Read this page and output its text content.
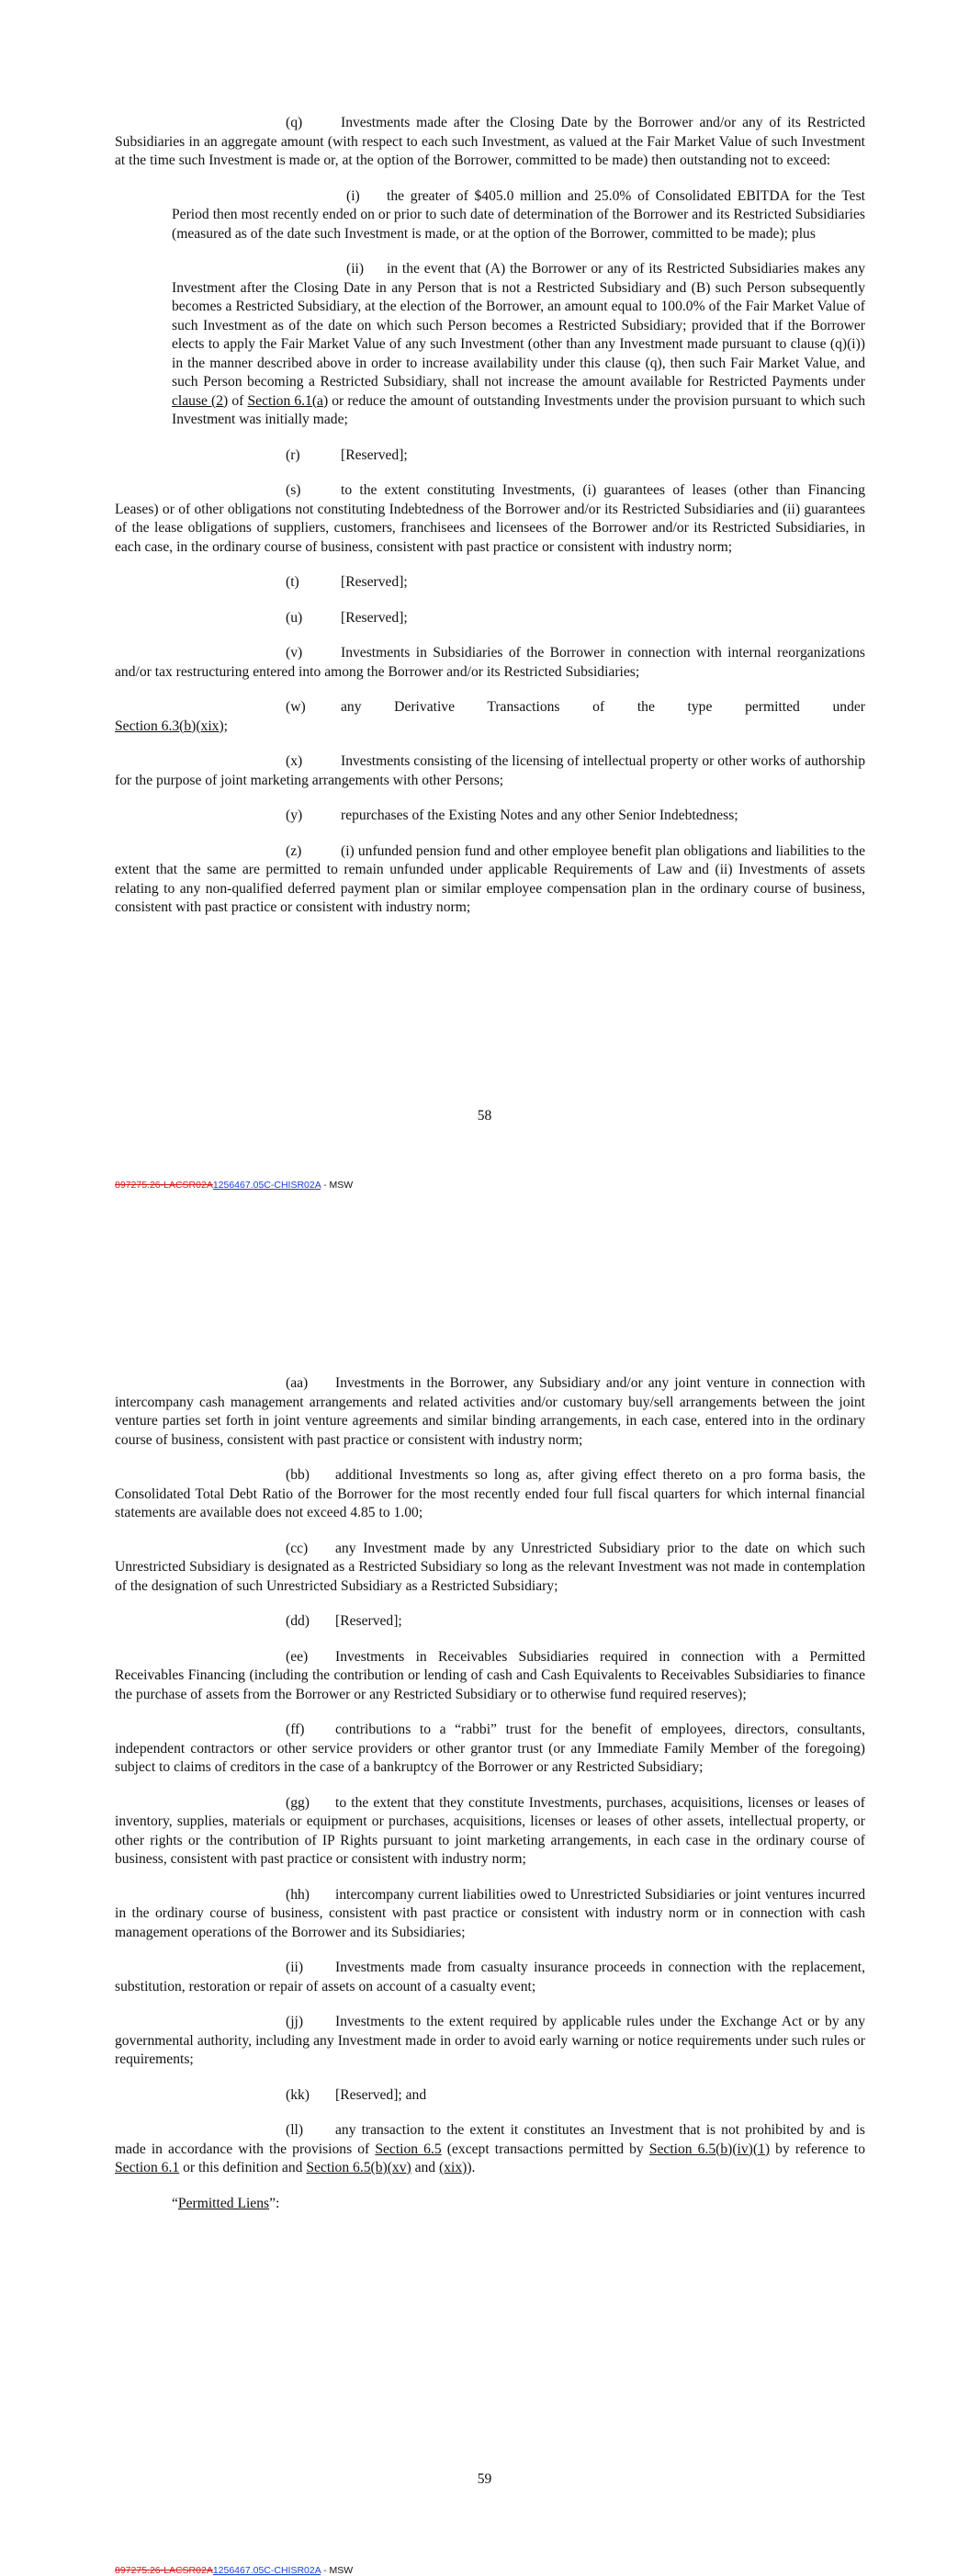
(q)	Investments made after the Closing Date by the Borrower and/or any of its Restricted Subsidiaries in an aggregate amount (with respect to each such Investment, as valued at the Fair Market Value of such Investment at the time such Investment is made or, at the option of the Borrower, committed to be made) then outstanding not to exceed:

(i) the greater of $405.0 million and 25.0% of Consolidated EBITDA for the Test Period then most recently ended on or prior to such date of determination of the Borrower and its Restricted Subsidiaries (measured as of the date such Investment is made, or at the option of the Borrower, committed to be made); plus

(ii) in the event that (A) the Borrower or any of its Restricted Subsidiaries makes any Investment after the Closing Date in any Person that is not a Restricted Subsidiary and (B) such Person subsequently becomes a Restricted Subsidiary, at the election of the Borrower, an amount equal to 100.0% of the Fair Market Value of such Investment as of the date on which such Person becomes a Restricted Subsidiary; provided that if the Borrower elects to apply the Fair Market Value of any such Investment (other than any Investment made pursuant to clause (q)(i)) in the manner described above in order to increase availability under this clause (q), then such Fair Market Value, and such Person becoming a Restricted Subsidiary, shall not increase the amount available for Restricted Payments under clause (2) of Section 6.1(a) or reduce the amount of outstanding Investments under the provision pursuant to which such Investment was initially made;

(r)	[Reserved];

(s)	to the extent constituting Investments, (i) guarantees of leases (other than Financing Leases) or of other obligations not constituting Indebtedness of the Borrower and/or its Restricted Subsidiaries and (ii) guarantees of the lease obligations of suppliers, customers, franchisees and licensees of the Borrower and/or its Restricted Subsidiaries, in each case, in the ordinary course of business, consistent with past practice or consistent with industry norm;

(t)	[Reserved];

(u)	[Reserved];

(v)	Investments in Subsidiaries of the Borrower in connection with internal reorganizations and/or tax restructuring entered into among the Borrower and/or its Restricted Subsidiaries;

(w) any Derivative Transactions of the type permitted under

Section 6.3(b)(xix);

(x)	Investments consisting of the licensing of intellectual property or other works of authorship for the purpose of joint marketing arrangements with other Persons;

(y)	repurchases of the Existing Notes and any other Senior Indebtedness;

(z)	(i) unfunded pension fund and other employee benefit plan obligations and liabilities to the extent that the same are permitted to remain unfunded under applicable Requirements of Law and (ii) Investments of assets relating to any non-qualified deferred payment plan or similar employee compensation plan in the ordinary course of business, consistent with past practice or consistent with industry norm;

58
897275.26-LACSR02A1256467.05C-CHISR02A - MSW

(aa) Investments in the Borrower, any Subsidiary and/or any joint venture in connection with intercompany cash management arrangements and related activities and/or customary buy/sell arrangements between the joint venture parties set forth in joint venture agreements and similar binding arrangements, in each case, entered into in the ordinary course of business, consistent with past practice or consistent with industry norm;

(bb) additional Investments so long as, after giving effect thereto on a pro forma basis, the Consolidated Total Debt Ratio of the Borrower for the most recently ended four full fiscal quarters for which internal financial statements are available does not exceed 4.85 to 1.00;

(cc) any Investment made by any Unrestricted Subsidiary prior to the date on which such Unrestricted Subsidiary is designated as a Restricted Subsidiary so long as the relevant Investment was not made in contemplation of the designation of such Unrestricted Subsidiary as a Restricted Subsidiary;

(dd) [Reserved];

(ee) Investments in Receivables Subsidiaries required in connection with a Permitted Receivables Financing (including the contribution or lending of cash and Cash Equivalents to Receivables Subsidiaries to finance the purchase of assets from the Borrower or any Restricted Subsidiary or to otherwise fund required reserves);

(ff) contributions to a “rabbi” trust for the benefit of employees, directors, consultants, independent contractors or other service providers or other grantor trust (or any Immediate Family Member of the foregoing) subject to claims of creditors in the case of a bankruptcy of the Borrower or any Restricted Subsidiary;

(gg) to the extent that they constitute Investments, purchases, acquisitions, licenses or leases of inventory, supplies, materials or equipment or purchases, acquisitions, licenses or leases of other assets, intellectual property, or other rights or the contribution of IP Rights pursuant to joint marketing arrangements, in each case in the ordinary course of business, consistent with past practice or consistent with industry norm;

(hh) intercompany current liabilities owed to Unrestricted Subsidiaries or joint ventures incurred in the ordinary course of business, consistent with past practice or consistent with industry norm or in connection with cash management operations of the Borrower and its Subsidiaries;

(ii) Investments made from casualty insurance proceeds in connection with the replacement, substitution, restoration or repair of assets on account of a casualty event;

(jj) Investments to the extent required by applicable rules under the Exchange Act or by any governmental authority, including any Investment made in order to avoid early warning or notice requirements under such rules or requirements;

(kk) [Reserved]; and

(ll) any transaction to the extent it constitutes an Investment that is not prohibited by and is made in accordance with the provisions of Section 6.5 (except transactions permitted by Section 6.5(b)(iv)(1) by reference to Section 6.1 or this definition and Section 6.5(b)(xv) and (xix)).

“Permitted Liens”:

59
897275.26-LACSR02A1256467.05C-CHISR02A - MSW
